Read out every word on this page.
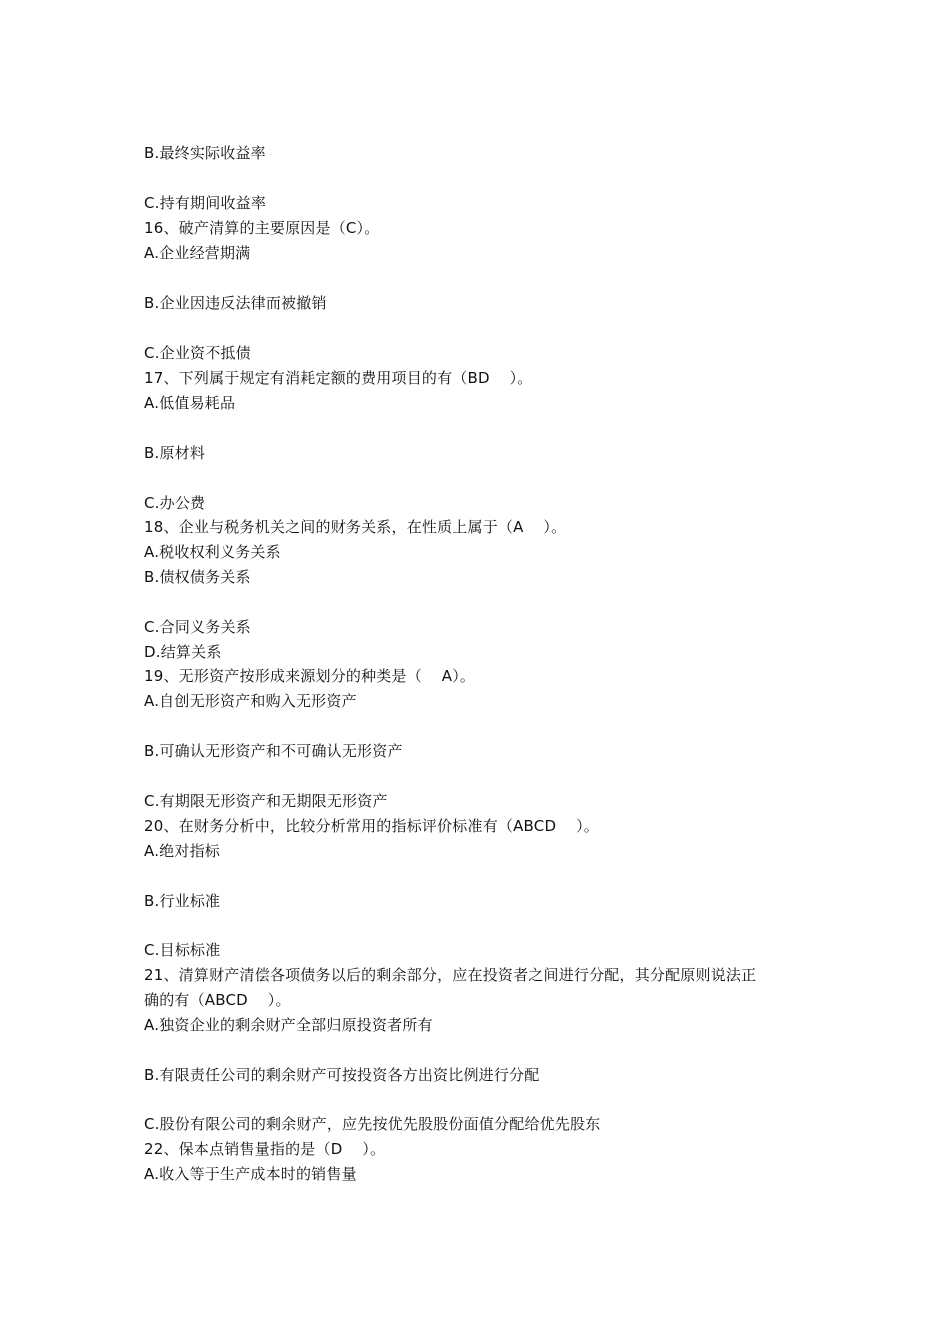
B.最终实际收益率
C.持有期间收益率
16、破产清算的主要原因是（C）。
A.企业经营期满
B.企业因违反法律而被撤销
C.企业资不抵债
17、下列属于规定有消耗定额的费用项目的有（BD    ）。
A.低值易耗品
B.原材料
C.办公费
18、企业与税务机关之间的财务关系，在性质上属于（A    ）。
A.税收权利义务关系
B.债权债务关系
C.合同义务关系
D.结算关系
19、无形资产按形成来源划分的种类是（    A）。
A.自创无形资产和购入无形资产
B.可确认无形资产和不可确认无形资产
C.有期限无形资产和无期限无形资产
20、在财务分析中，比较分析常用的指标评价标准有（ABCD    ）。
A.绝对指标
B.行业标准
C.目标标准
21、清算财产清偿各项债务以后的剩余部分，应在投资者之间进行分配，其分配原则说法正
确的有（ABCD    ）。
A.独资企业的剩余财产全部归原投资者所有
B.有限责任公司的剩余财产可按投资各方出资比例进行分配
C.股份有限公司的剩余财产，应先按优先股股份面值分配给优先股东
22、保本点销售量指的是（D    ）。
A.收入等于生产成本时的销售量
